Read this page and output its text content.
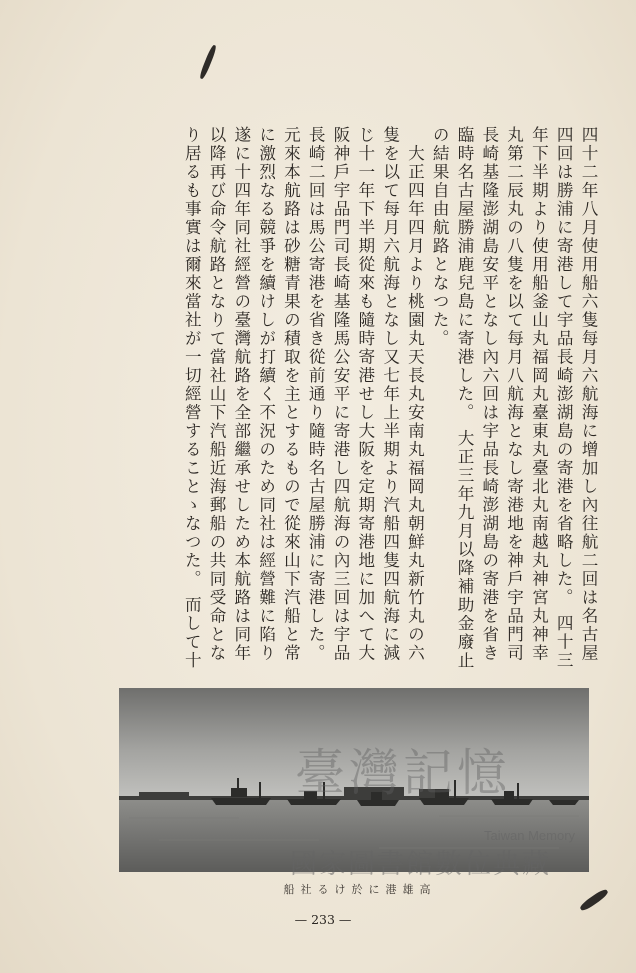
四十二年八月使用船六隻每月六航海に增加し內往航二回は名古屋
四回は勝浦に寄港して宇品長崎澎湖島の寄港を省略した。 四十三
年下半期より使用船釜山丸福岡丸臺東丸臺北丸南越丸神宮丸神幸
丸第二辰丸の八隻を以て每月八航海となし寄港地を神戶宇品門司
長崎基隆澎湖島安平となし內六回は宇品長崎澎湖島の寄港を省き
臨時名古屋勝浦鹿兒島に寄港した。 大正三年九月以降補助金廢止
の結果自由航路となつた。
　大正四年四月より桃園丸天長丸安南丸福岡丸朝鮮丸新竹丸の六
隻を以て每月六航海となし又七年上半期より汽船四隻四航海に減
じ十一年下半期從來も隨時寄港せし大阪を定期寄港地に加へて大
阪神戶宇品門司長崎基隆馬公安平に寄港し四航海の內三回は宇品
長崎二回は馬公寄港を省き從前通り隨時名古屋勝浦に寄港した。
元來本航路は砂糖青果の積取を主とするもので從來山下汽船と常
に激烈なる競爭を續けしが打續く不況のため同社は經營難に陷り
遂に十四年同社經營の臺灣航路を全部繼承せしため本航路は同年
以降再び命令航路となりて當社山下汽船近海郵船の共同受命とな
り居るも事實は爾來當社が一切經營することゝなつた。 而して十
臺灣記憶
Taiwan Memory
國家圖書館數位典藏
高雄港に於ける社船
— 233 —
